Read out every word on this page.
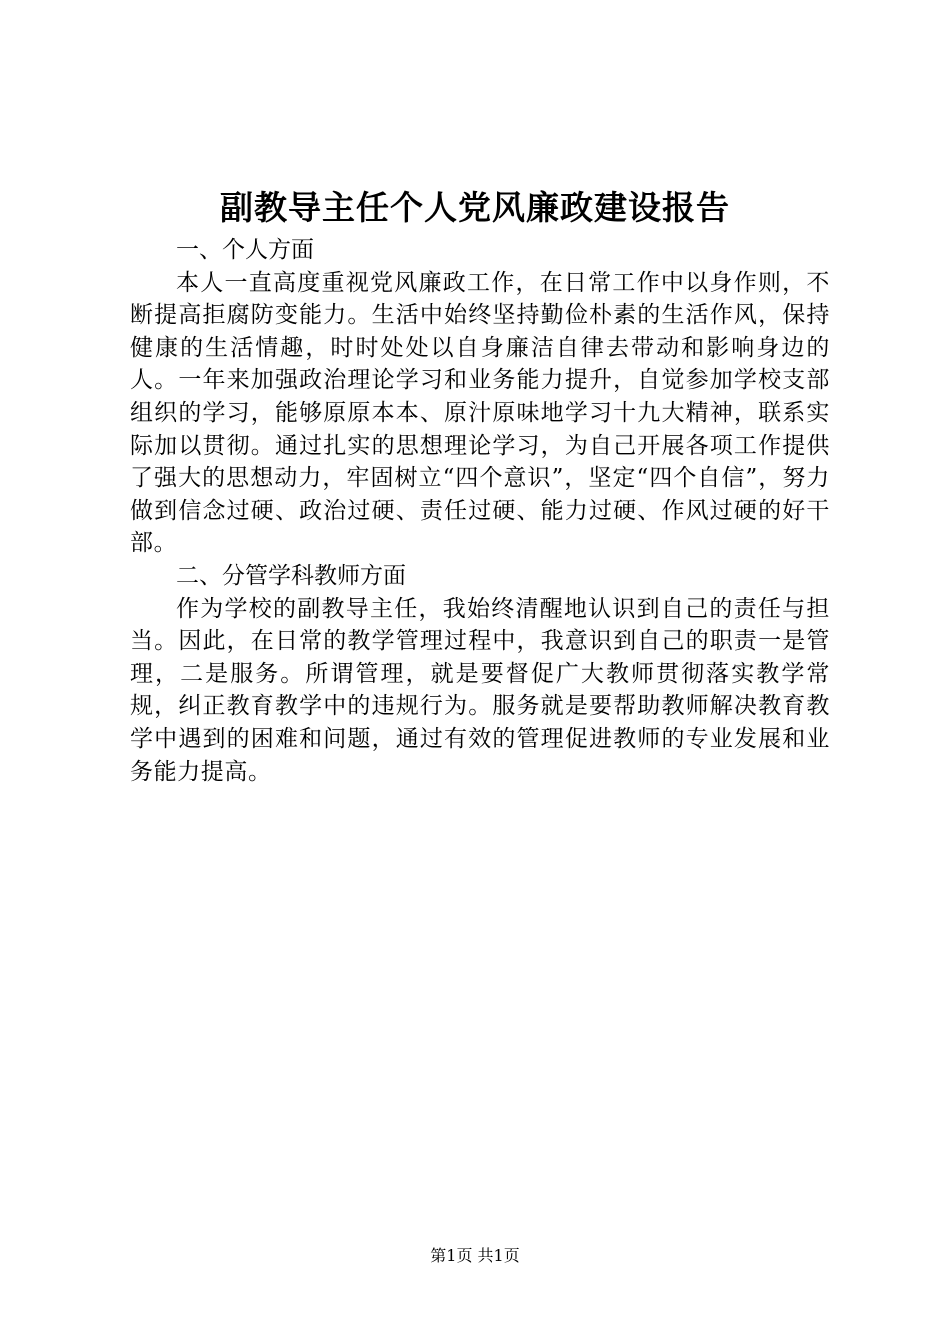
副教导主任个人党风廉政建设报告

一、个人方面

本人一直高度重视党风廉政工作，在日常工作中以身作则，不断提高拒腐防变能力。生活中始终坚持勤俭朴素的生活作风，保持健康的生活情趣，时时处处以自身廉洁自律去带动和影响身边的人。一年来加强政治理论学习和业务能力提升，自觉参加学校支部组织的学习，能够原原本本、原汁原味地学习十九大精神，联系实际加以贯彻。通过扎实的思想理论学习，为自己开展各项工作提供了强大的思想动力，牢固树立“四个意识”，坚定“四个自信”，努力做到信念过硬、政治过硬、责任过硬、能力过硬、作风过硬的好干部。

二、分管学科教师方面

作为学校的副教导主任，我始终清醒地认识到自己的责任与担当。因此，在日常的教学管理过程中，我意识到自己的职责一是管理，二是服务。所谓管理，就是要督促广大教师贯彻落实教学常规，纠正教育教学中的违规行为。服务就是要帮助教师解决教育教学中遇到的困难和问题，通过有效的管理促进教师的专业发展和业务能力提高。

第1页 共1页
